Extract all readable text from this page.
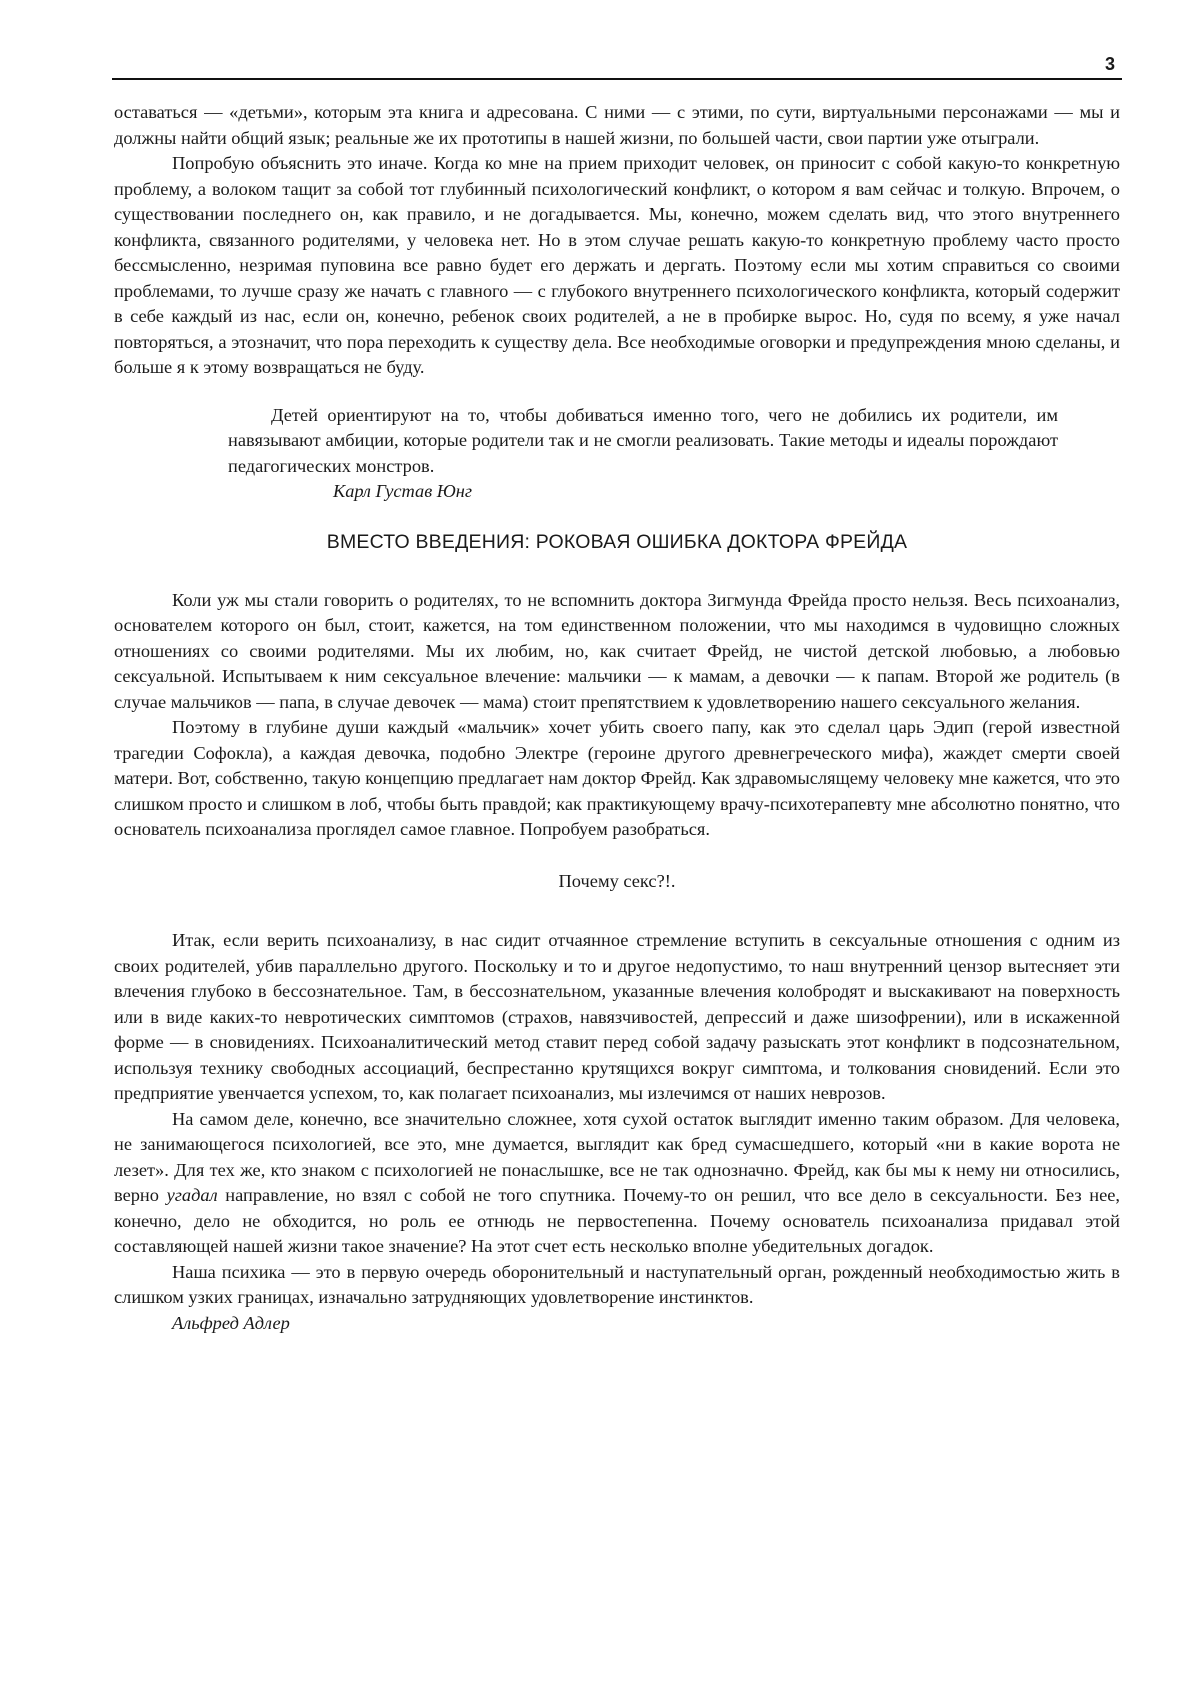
3

оставаться — «детьми», которым эта книга и адресована. С ними — с этими, по сути, виртуальными персонажами — мы и должны найти общий язык; реальные же их прототипы в нашей жизни, по большей части, свои партии уже отыграли.

Попробую объяснить это иначе. Когда ко мне на прием приходит человек, он приносит с собой какую-то конкретную проблему, а волоком тащит за собой тот глубинный психологический конфликт, о котором я вам сейчас и толкую. Впрочем, о существовании последнего он, как правило, и не догадывается. Мы, конечно, можем сделать вид, что этого внутреннего конфликта, связанного родителями, у человека нет. Но в этом случае решать какую-то конкретную проблему часто просто бессмысленно, незримая пуповина все равно будет его держать и дергать. Поэтому если мы хотим справиться со своими проблемами, то лучше сразу же начать с главного — с глубокого внутреннего психологического конфликта, который содержит в себе каждый из нас, если он, конечно, ребенок своих родителей, а не в пробирке вырос. Но, судя по всему, я уже начал повторяться, а этозначит, что пора переходить к существу дела. Все необходимые оговорки и предупреждения мною сделаны, и больше я к этому возвращаться не буду.

Детей ориентируют на то, чтобы добиваться именно того, чего не добились их родители, им навязывают амбиции, которые родители так и не смогли реализовать. Такие методы и идеалы порождают педагогических монстров.

Карл Густав Юнг
ВМЕСТО ВВЕДЕНИЯ: РОКОВАЯ ОШИБКА ДОКТОРА ФРЕЙДА

Коли уж мы стали говорить о родителях, то не вспомнить доктора Зигмунда Фрейда просто нельзя. Весь психоанализ, основателем которого он был, стоит, кажется, на том единственном положении, что мы находимся в чудовищно сложных отношениях со своими родителями. Мы их любим, но, как считает Фрейд, не чистой детской любовью, а любовью сексуальной. Испытываем к ним сексуальное влечение: мальчики — к мамам, а девочки — к папам. Второй же родитель (в случае мальчиков — папа, в случае девочек — мама) стоит препятствием к удовлетворению нашего сексуального желания.

Поэтому в глубине души каждый «мальчик» хочет убить своего папу, как это сделал царь Эдип (герой известной трагедии Софокла), а каждая девочка, подобно Электре (героине другого древнегреческого мифа), жаждет смерти своей матери. Вот, собственно, такую концепцию предлагает нам доктор Фрейд. Как здравомыслящему человеку мне кажется, что это слишком просто и слишком в лоб, чтобы быть правдой; как практикующему врачу-психотерапевту мне абсолютно понятно, что основатель психоанализа проглядел самое главное. Попробуем разобраться.

Почему секс?!.

Итак, если верить психоанализу, в нас сидит отчаянное стремление вступить в сексуальные отношения с одним из своих родителей, убив параллельно другого. Поскольку и то и другое недопустимо, то наш внутренний цензор вытесняет эти влечения глубоко в бессознательное. Там, в бессознательном, указанные влечения колобродят и выскакивают на поверхность или в виде каких-то невротических симптомов (страхов, навязчивостей, депрессий и даже шизофрении), или в искаженной форме — в сновидениях. Психоаналитический метод ставит перед собой задачу разыскать этот конфликт в подсознательном, используя технику свободных ассоциаций, беспрестанно крутящихся вокруг симптома, и толкования сновидений. Если это предприятие увенчается успехом, то, как полагает психоанализ, мы излечимся от наших неврозов.

На самом деле, конечно, все значительно сложнее, хотя сухой остаток выглядит именно таким образом. Для человека, не занимающегося психологией, все это, мне думается, выглядит как бред сумасшедшего, который «ни в какие ворота не лезет». Для тех же, кто знаком с психологией не понаслышке, все не так однозначно. Фрейд, как бы мы к нему ни относились, верно угадал направление, но взял с собой не того спутника. Почему-то он решил, что все дело в сексуальности. Без нее, конечно, дело не обходится, но роль ее отнюдь не первостепенна. Почему основатель психоанализа придавал этой составляющей нашей жизни такое значение? На этот счет есть несколько вполне убедительных догадок.

Наша психика — это в первую очередь оборонительный и наступательный орган, рожденный необходимостью жить в слишком узких границах, изначально затрудняющих удовлетворение инстинктов.

Альфред Адлер
